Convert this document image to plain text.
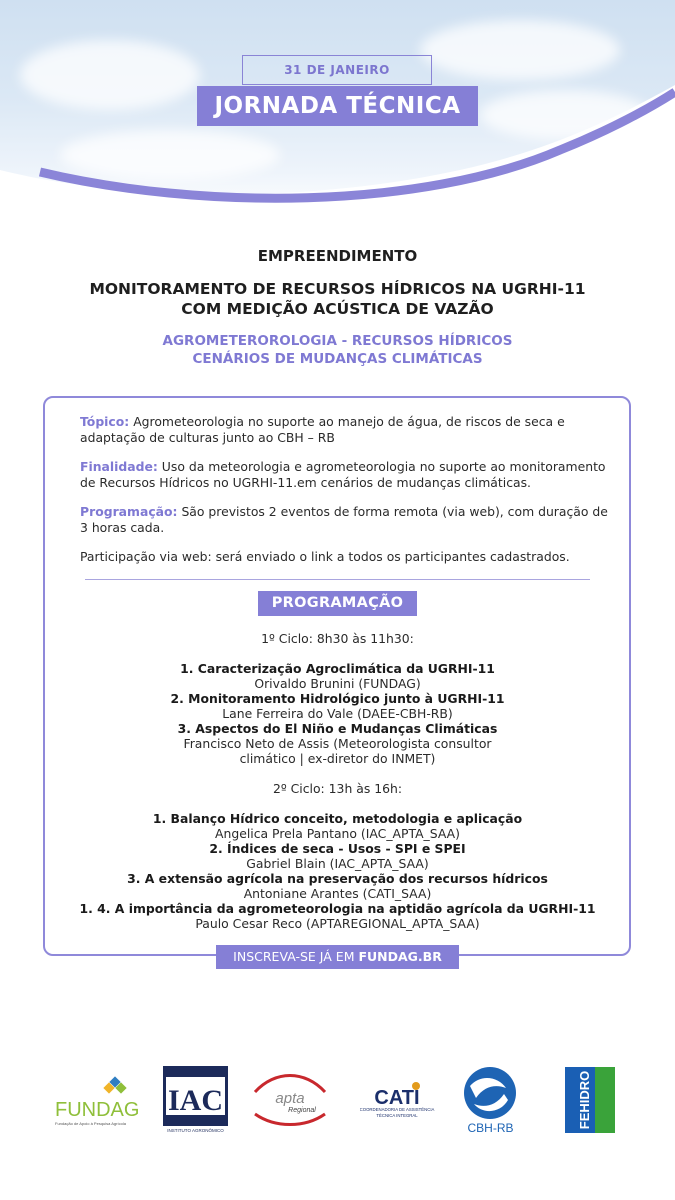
31 DE JANEIRO
JORNADA TÉCNICA
EMPREENDIMENTO
MONITORAMENTO DE RECURSOS HÍDRICOS NA UGRHI-11
COM MEDIÇÃO ACÚSTICA DE VAZÃO
AGROMETEROROLOGIA - RECURSOS HÍDRICOS
CENÁRIOS DE MUDANÇAS CLIMÁTICAS
Tópico: Agrometeorologia no suporte ao manejo de água, de riscos de seca e
adaptação de culturas junto ao CBH – RB
Finalidade: Uso da meteorologia e agrometeorologia no suporte ao monitoramento
de Recursos Hídricos no UGRHI-11.em cenários de mudanças climáticas.
Programação: São previstos 2 eventos de forma remota (via web), com duração de
3 horas cada.
Participação via web: será enviado o link a todos os participantes cadastrados.
PROGRAMAÇÃO
1º Ciclo: 8h30 às 11h30:
1. Caracterização Agroclimática da UGRHI-11
Orivaldo Brunini (FUNDAG)
2. Monitoramento Hidrológico junto à UGRHI-11
Lane Ferreira do Vale (DAEE-CBH-RB)
3. Aspectos do El Niño e Mudanças Climáticas
Francisco Neto de Assis (Meteorologista consultor
climático | ex-diretor do INMET)
2º Ciclo: 13h às 16h:
1. Balanço Hídrico conceito, metodologia e aplicação
Angelica Prela Pantano (IAC_APTA_SAA)
2. Índices de seca - Usos - SPI e SPEI
Gabriel Blain (IAC_APTA_SAA)
3. A extensão agrícola na preservação dos recursos hídricos
Antoniane Arantes (CATI_SAA)
1. 4. A importância da agrometeorologia na aptidão agrícola da UGRHI-11
Paulo Cesar Reco (APTAREGIONAL_APTA_SAA)
INSCREVA-SE JÁ EM FUNDAG.BR
FUNDAG
Fundação de Apoio à Pesquisa Agrícola
IAC
INSTITUTO AGRONÔMICO
apta
Regional
CATI
COORDENADORIA DE ASSISTÊNCIA
TÉCNICA INTEGRAL
CBH-RB	FEHIDRO
